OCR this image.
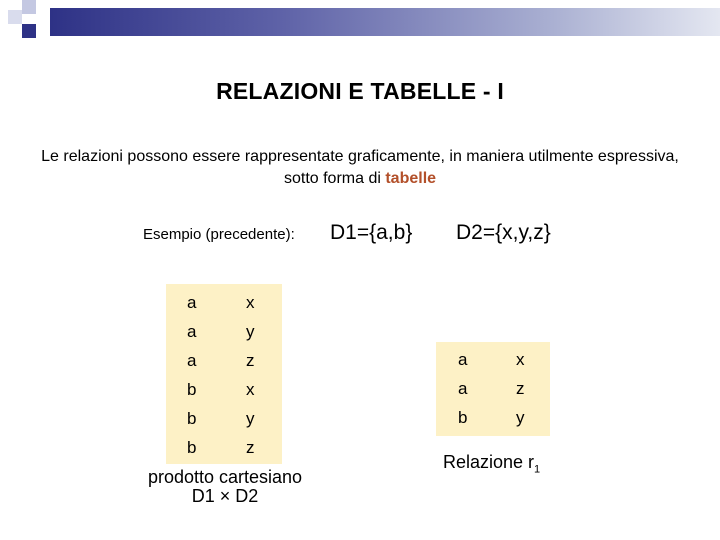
RELAZIONI E TABELLE - I
Le relazioni possono essere rappresentate graficamente, in maniera utilmente espressiva, sotto forma di tabelle
Esempio (precedente): D1={a,b} D2={x,y,z}
a	x
a	y
a	z
b	x
b	y
b	z
prodotto cartesiano
D1 × D2
a	x
a	z
b	y
Relazione $r_1$
